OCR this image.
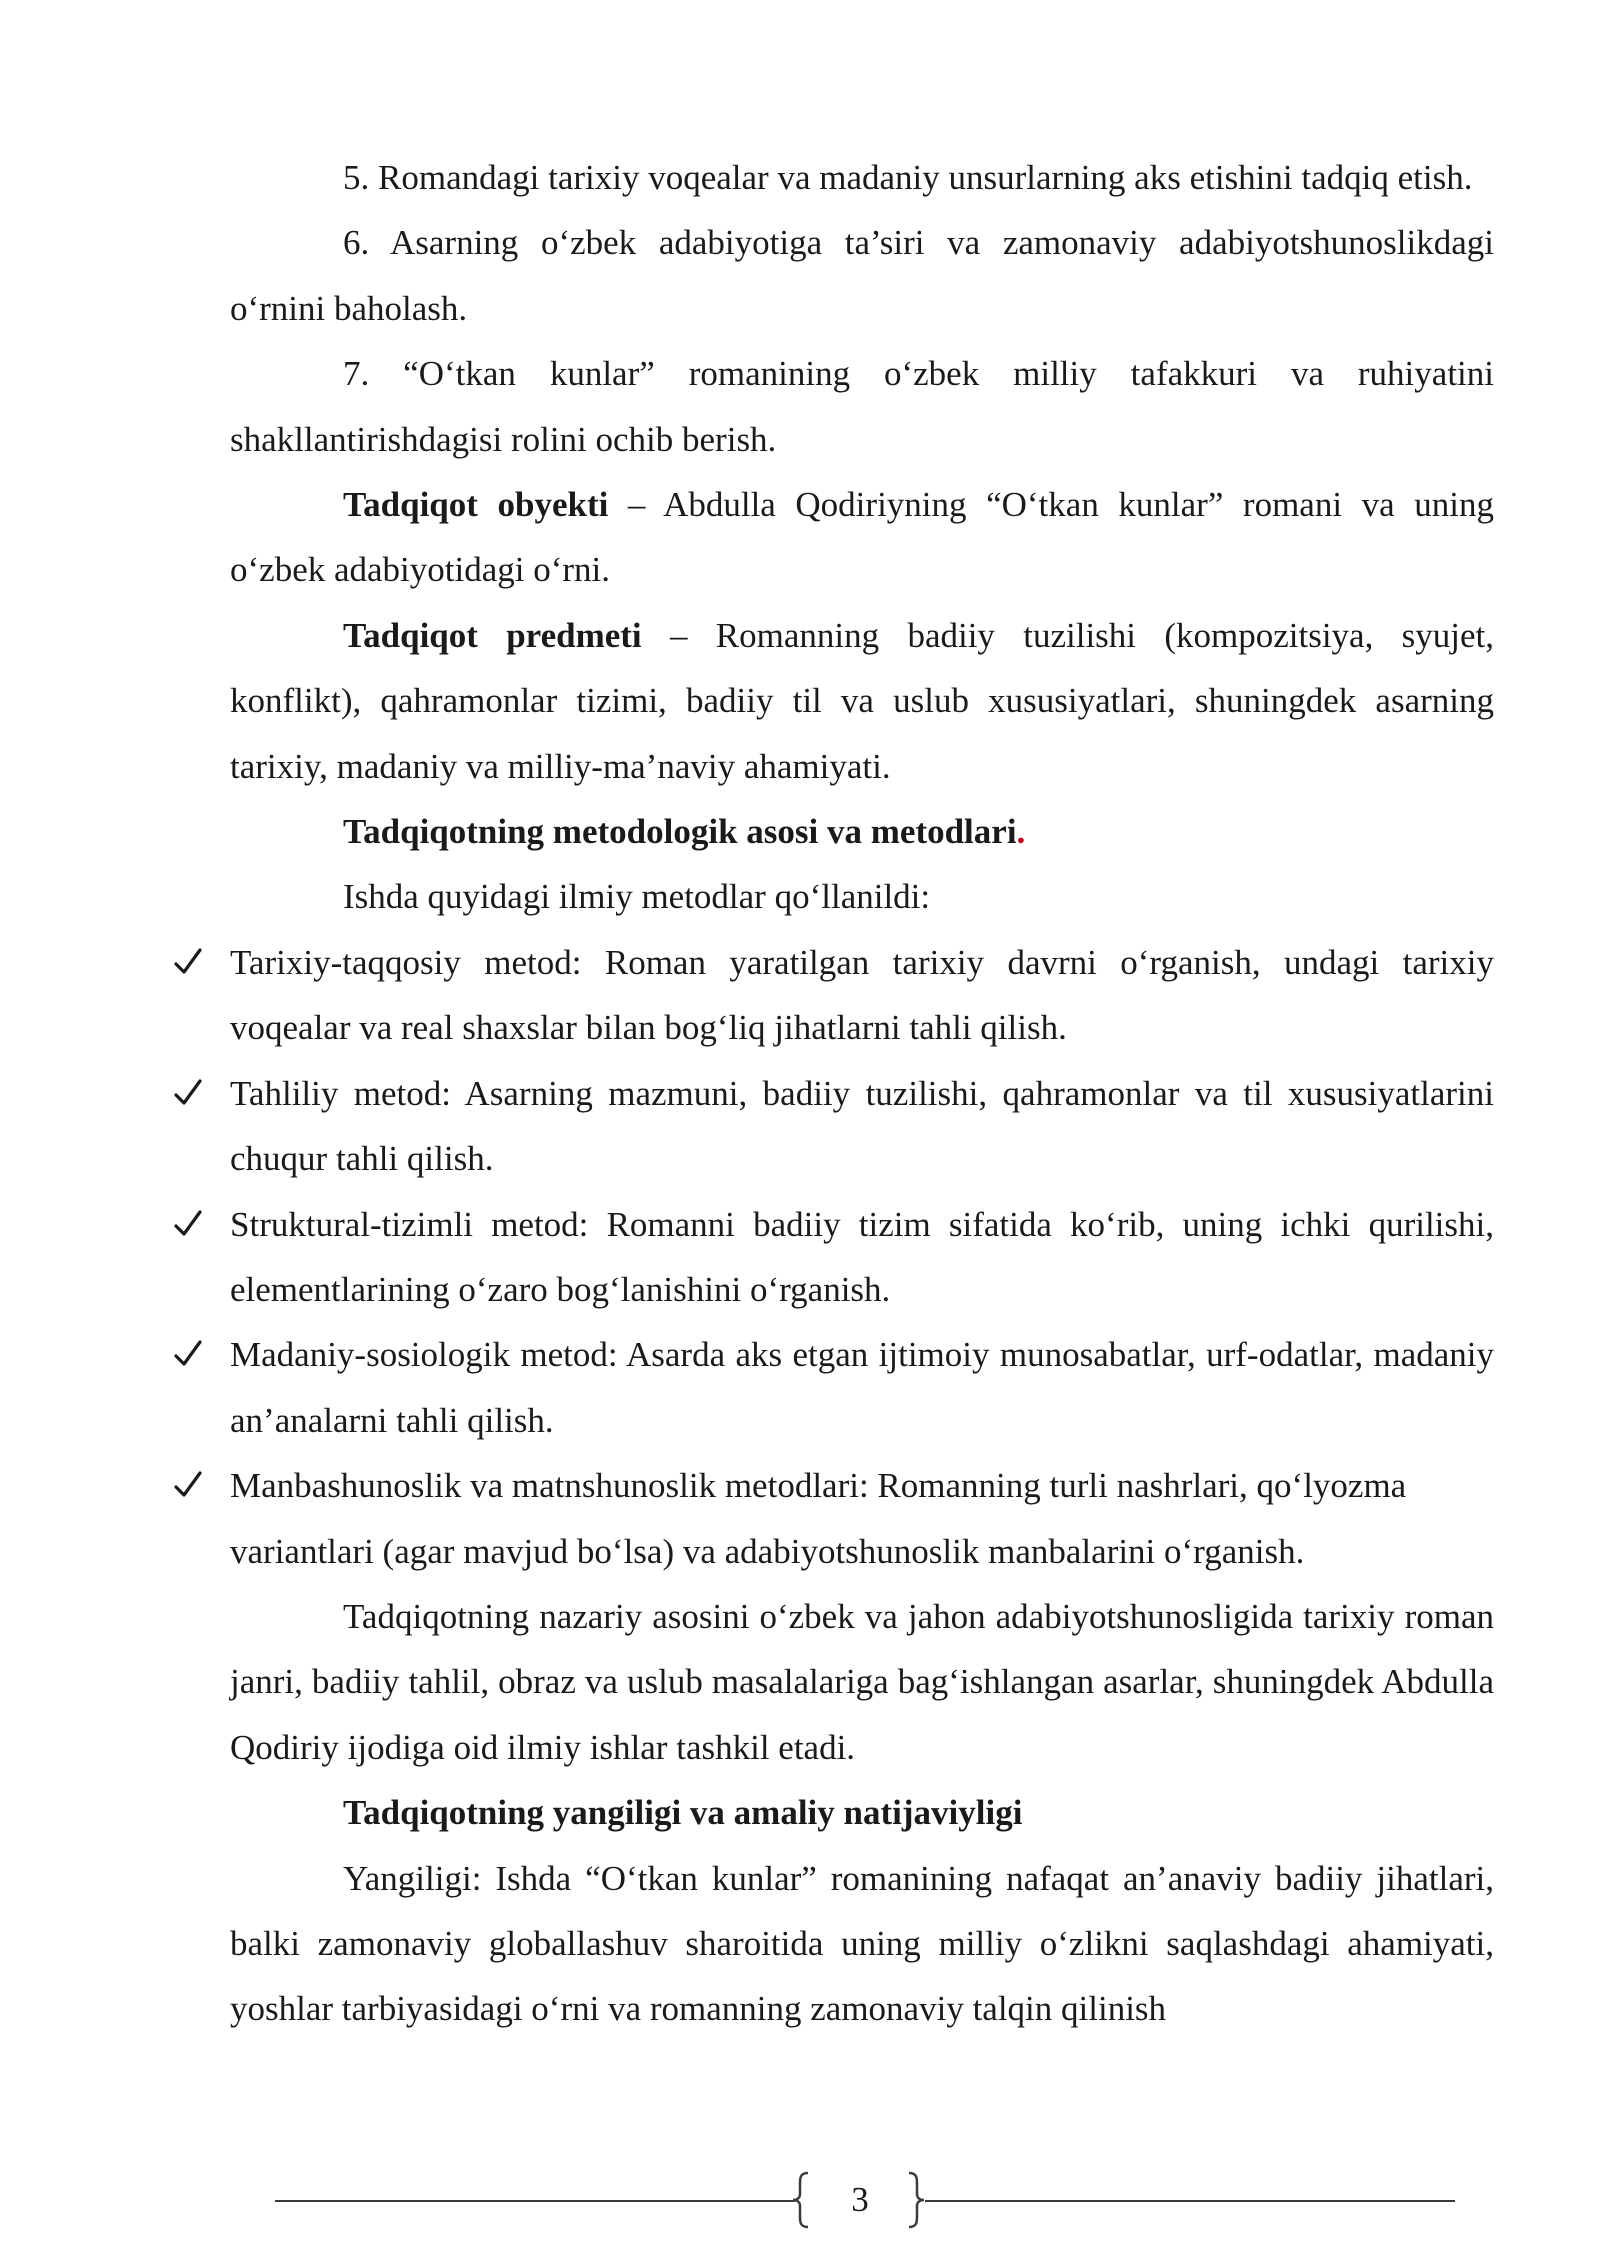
5. Romandagi tarixiy voqealar va madaniy unsurlarning aks etishini tadqiq etish.

6. Asarning o‘zbek adabiyotiga ta’siri va zamonaviy adabiyotshunoslikdagi o‘rnini baholash.

7. “O‘tkan kunlar” romanining o‘zbek milliy tafakkuri va ruhiyatini shakllantirishdagisi rolini ochib berish.

Tadqiqot obyekti – Abdulla Qodiriyning “O‘tkan kunlar” romani va uning o‘zbek adabiyotidagi o‘rni.

Tadqiqot predmeti – Romanning badiiy tuzilishi (kompozitsiya, syujet, konflikt), qahramonlar tizimi, badiiy til va uslub xususiyatlari, shuningdek asarning tarixiy, madaniy va milliy-ma’naviy ahamiyati.

Tadqiqotning metodologik asosi va metodlari.

Ishda quyidagi ilmiy metodlar qo‘llanildi:

Tarixiy-taqqosiy metod: Roman yaratilgan tarixiy davrni o‘rganish, undagi tarixiy voqealar va real shaxslar bilan bog‘liq jihatlarni tahli qilish.
Tahliliy metod: Asarning mazmuni, badiiy tuzilishi, qahramonlar va til xususiyatlarini chuqur tahli qilish.
Struktural-tizimli metod: Romanni badiiy tizim sifatida ko‘rib, uning ichki qurilishi, elementlarining o‘zaro bog‘lanishini o‘rganish.
Madaniy-sosiologik metod: Asarda aks etgan ijtimoiy munosabatlar, urf-odatlar, madaniy an’analarni tahli qilish.
Manbashunoslik va matnshunoslik metodlari: Romanning turli nashrlari, qo‘lyozma variantlari (agar mavjud bo‘lsa) va adabiyotshunoslik manbalarini o‘rganish.

Tadqiqotning nazariy asosini o‘zbek va jahon adabiyotshunosligida tarixiy roman janri, badiiy tahlil, obraz va uslub masalalariga bag‘ishlangan asarlar, shuningdek Abdulla Qodiriy ijodiga oid ilmiy ishlar tashkil etadi.

Tadqiqotning yangiligi va amaliy natijaviyligi

Yangiligi: Ishda “O‘tkan kunlar” romanining nafaqat an’anaviy badiiy jihatlari, balki zamonaviy globallashuv sharoitida uning milliy o‘zlikni saqlashdagi ahamiyati, yoshlar tarbiyasidagi o‘rni va romanning zamonaviy talqin qilinish

3
